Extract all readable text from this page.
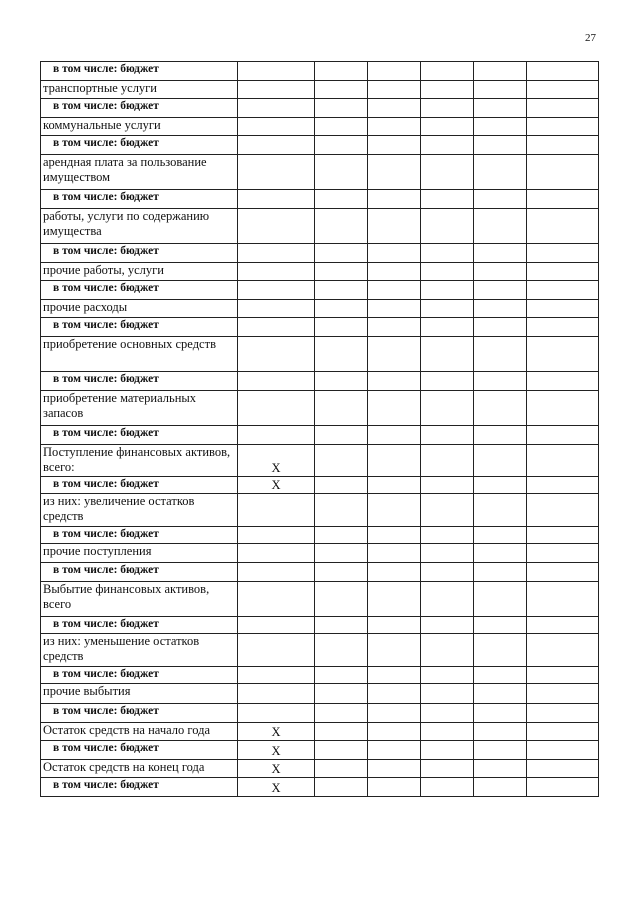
27
в том числе: бюджет						
транспортные услуги						
в том числе: бюджет						
коммунальные услуги						
в том числе: бюджет						
арендная плата за пользование имуществом						
в том числе: бюджет						
работы, услуги по содержанию имущества						
в том числе: бюджет						
прочие работы, услуги						
в том числе: бюджет						
прочие расходы						
в том числе: бюджет						
приобретение основных средств						
в том числе: бюджет						
приобретение материальных запасов						
в том числе: бюджет						
Поступление финансовых активов, всего:	X					
в том числе: бюджет	X					
из них: увеличение остатков средств						
в том числе: бюджет						
прочие поступления						
в том числе: бюджет						
Выбытие финансовых активов, всего						
в том числе: бюджет						
из них: уменьшение остатков средств						
в том числе: бюджет						
прочие выбытия						
в том числе: бюджет						
Остаток средств на начало года	X					
в том числе: бюджет	X					
Остаток средств на конец года	X					
в том числе: бюджет	X					
